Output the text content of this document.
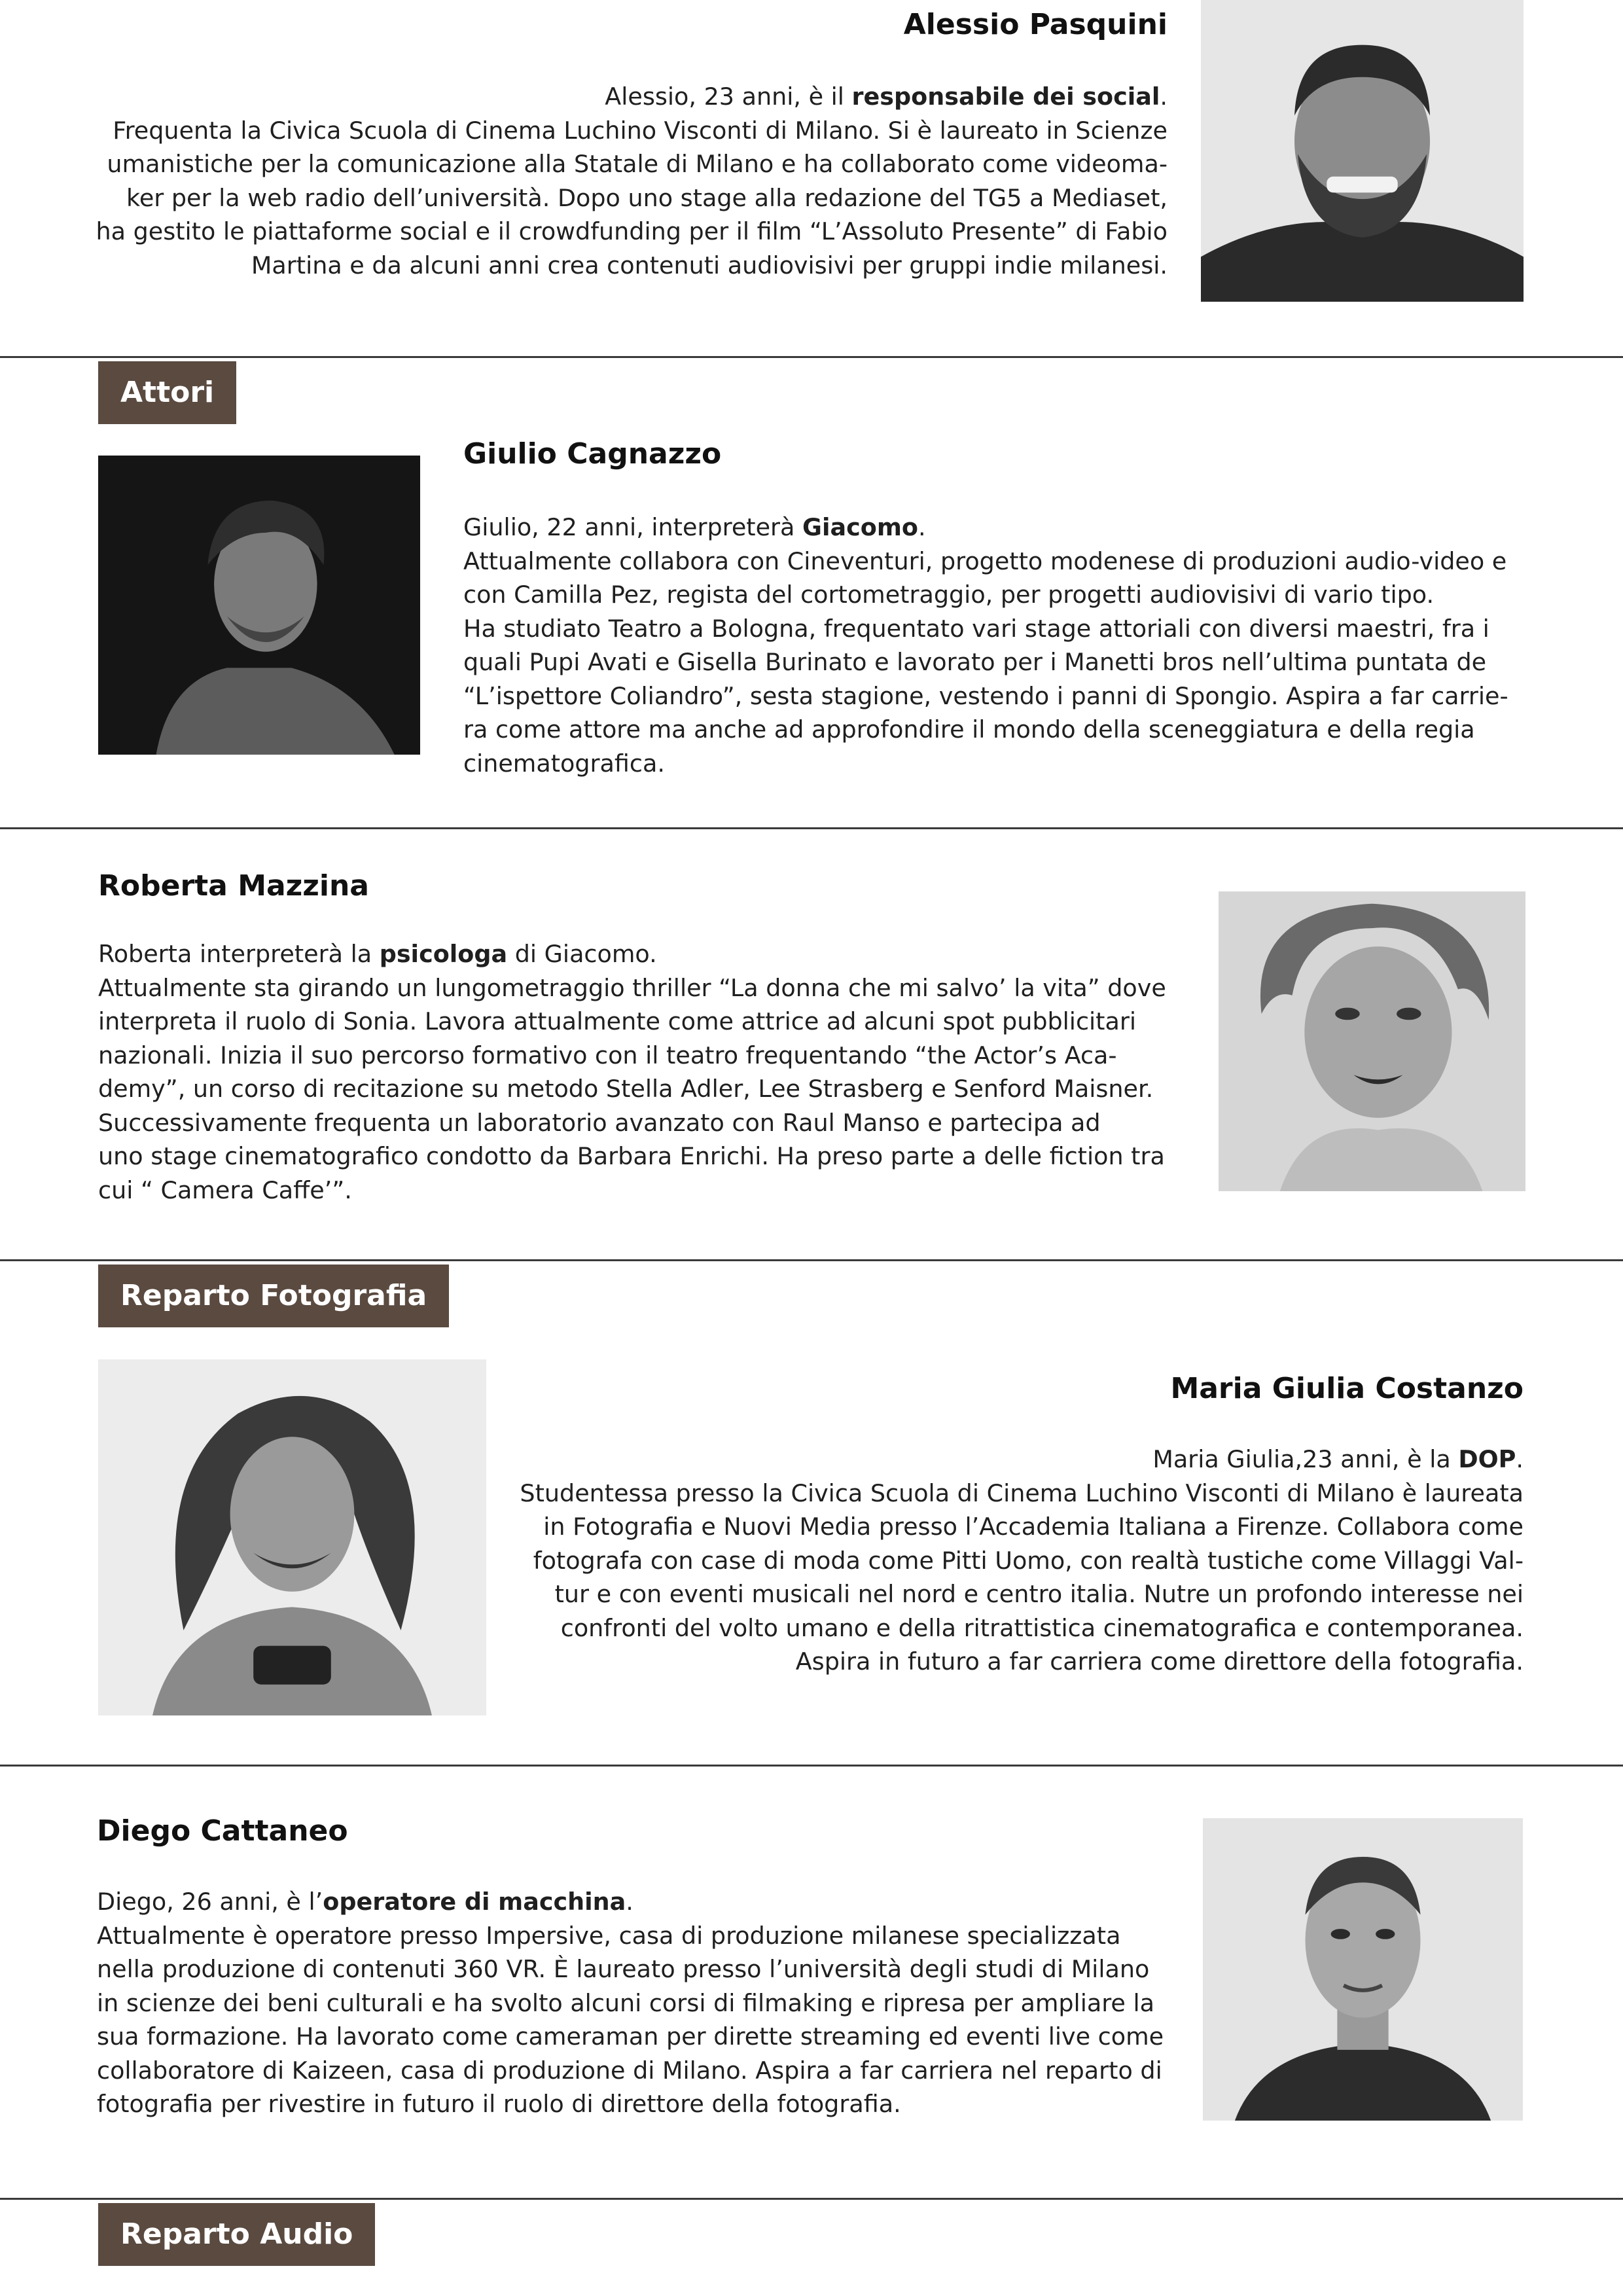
Alessio Pasquini
Alessio, 23 anni, è il responsabile dei social.
Frequenta la Civica Scuola di Cinema Luchino Visconti di Milano. Si è laureato in Scienze
umanistiche per la comunicazione alla Statale di Milano e ha collaborato come videoma-
ker per la web radio dell’università. Dopo uno stage alla redazione del TG5 a Mediaset,
ha gestito le piattaforme social e il crowdfunding per il film “L’Assoluto Presente” di Fabio
Martina e da alcuni anni crea contenuti audiovisivi per gruppi indie milanesi.
Attori
Giulio Cagnazzo
Giulio, 22 anni, interpreterà Giacomo.
Attualmente collabora con Cineventuri, progetto modenese di produzioni audio-video e
con Camilla Pez, regista del cortometraggio, per progetti audiovisivi di vario tipo.
Ha studiato Teatro a Bologna, frequentato vari stage attoriali con diversi maestri, fra i
quali Pupi Avati e Gisella Burinato e lavorato per i Manetti bros nell’ultima puntata de
“L’ispettore Coliandro”, sesta stagione, vestendo i panni di Spongio. Aspira a far carrie-
ra come attore ma anche ad approfondire il mondo della sceneggiatura e della regia
cinematografica.
Roberta Mazzina
Roberta interpreterà la psicologa di Giacomo.
Attualmente sta girando un lungometraggio thriller “La donna che mi salvo’ la vita” dove
interpreta il ruolo di Sonia. Lavora attualmente come attrice ad alcuni spot pubblicitari
nazionali. Inizia il suo percorso formativo con il teatro frequentando “the Actor’s Aca-
demy”, un corso di recitazione su metodo Stella Adler, Lee Strasberg e Senford Maisner.
Successivamente frequenta un laboratorio avanzato con Raul Manso e partecipa ad
uno stage cinematografico condotto da Barbara Enrichi. Ha preso parte a delle fiction tra
cui “ Camera Caffe’”.
Reparto Fotografia
Maria Giulia Costanzo
Maria Giulia,23 anni, è la DOP.
Studentessa presso la Civica Scuola di Cinema Luchino Visconti di Milano è laureata
in Fotografia e Nuovi Media presso l’Accademia Italiana a Firenze. Collabora come
fotografa con case di moda come Pitti Uomo, con realtà tustiche come Villaggi Val-
tur e con eventi musicali nel nord e centro italia. Nutre un profondo interesse nei
confronti del volto umano e della ritrattistica cinematografica e contemporanea.
Aspira in futuro a far carriera come direttore della fotografia.
Diego Cattaneo
Diego, 26 anni, è l’operatore di macchina.
Attualmente è operatore presso Impersive, casa di produzione milanese specializzata
nella produzione di contenuti 360 VR. È laureato presso l’università degli studi di Milano
in scienze dei beni culturali e ha svolto alcuni corsi di filmaking e ripresa per ampliare la
sua formazione. Ha lavorato come cameraman per dirette streaming ed eventi live come
collaboratore di Kaizeen, casa di produzione di Milano. Aspira a far carriera nel reparto di
fotografia per rivestire in futuro il ruolo di direttore della fotografia.
Reparto Audio
